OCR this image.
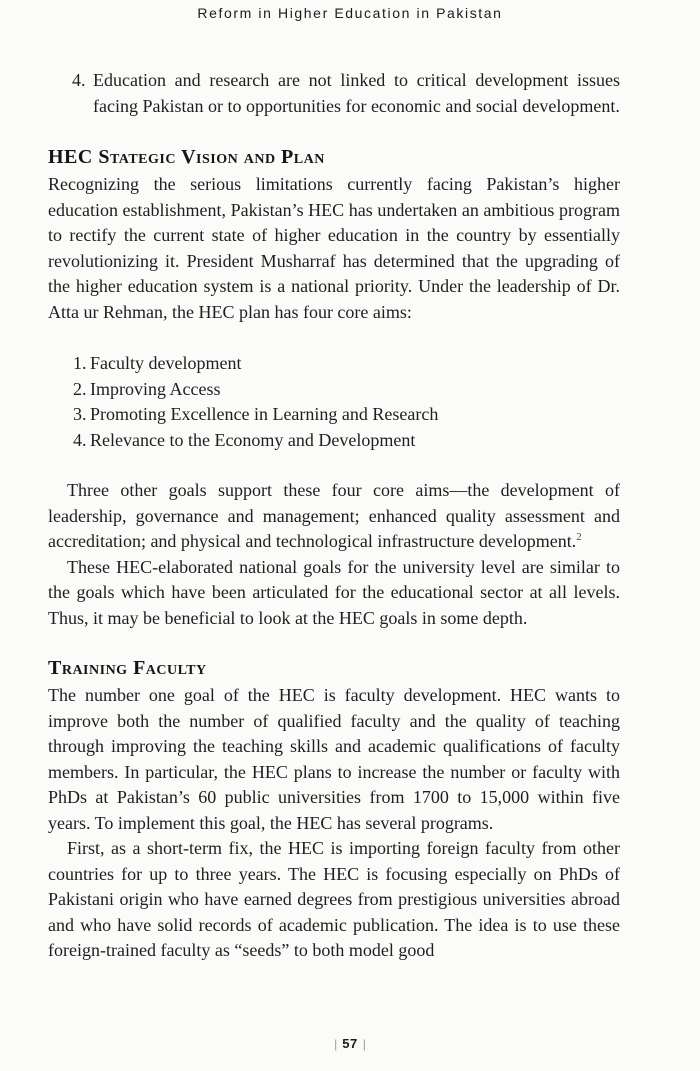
Reform in Higher Education in Pakistan
4. Education and research are not linked to critical development issues facing Pakistan or to opportunities for economic and social development.
HEC Stategic Vision and Plan

Recognizing the serious limitations currently facing Pakistan’s higher education establishment, Pakistan’s HEC has undertaken an ambitious program to rectify the current state of higher education in the country by essentially revolutionizing it. President Musharraf has determined that the upgrading of the higher education system is a national priority. Under the leadership of Dr. Atta ur Rehman, the HEC plan has four core aims:

1. Faculty development
2. Improving Access
3. Promoting Excellence in Learning and Research
4. Relevance to the Economy and Development

Three other goals support these four core aims—the development of leadership, governance and management; enhanced quality assessment and accreditation; and physical and technological infrastructure development.$^2$

These HEC-elaborated national goals for the university level are similar to the goals which have been articulated for the educational sector at all levels. Thus, it may be beneficial to look at the HEC goals in some depth.

Training Faculty

The number one goal of the HEC is faculty development. HEC wants to improve both the number of qualified faculty and the quality of teaching through improving the teaching skills and academic qualifications of faculty members. In particular, the HEC plans to increase the number or faculty with PhDs at Pakistan’s 60 public universities from 1700 to 15,000 within five years. To implement this goal, the HEC has several programs.

First, as a short-term fix, the HEC is importing foreign faculty from other countries for up to three years. The HEC is focusing especially on PhDs of Pakistani origin who have earned degrees from prestigious universities abroad and who have solid records of academic publication. The idea is to use these foreign-trained faculty as “seeds” to both model good

| 57 |
